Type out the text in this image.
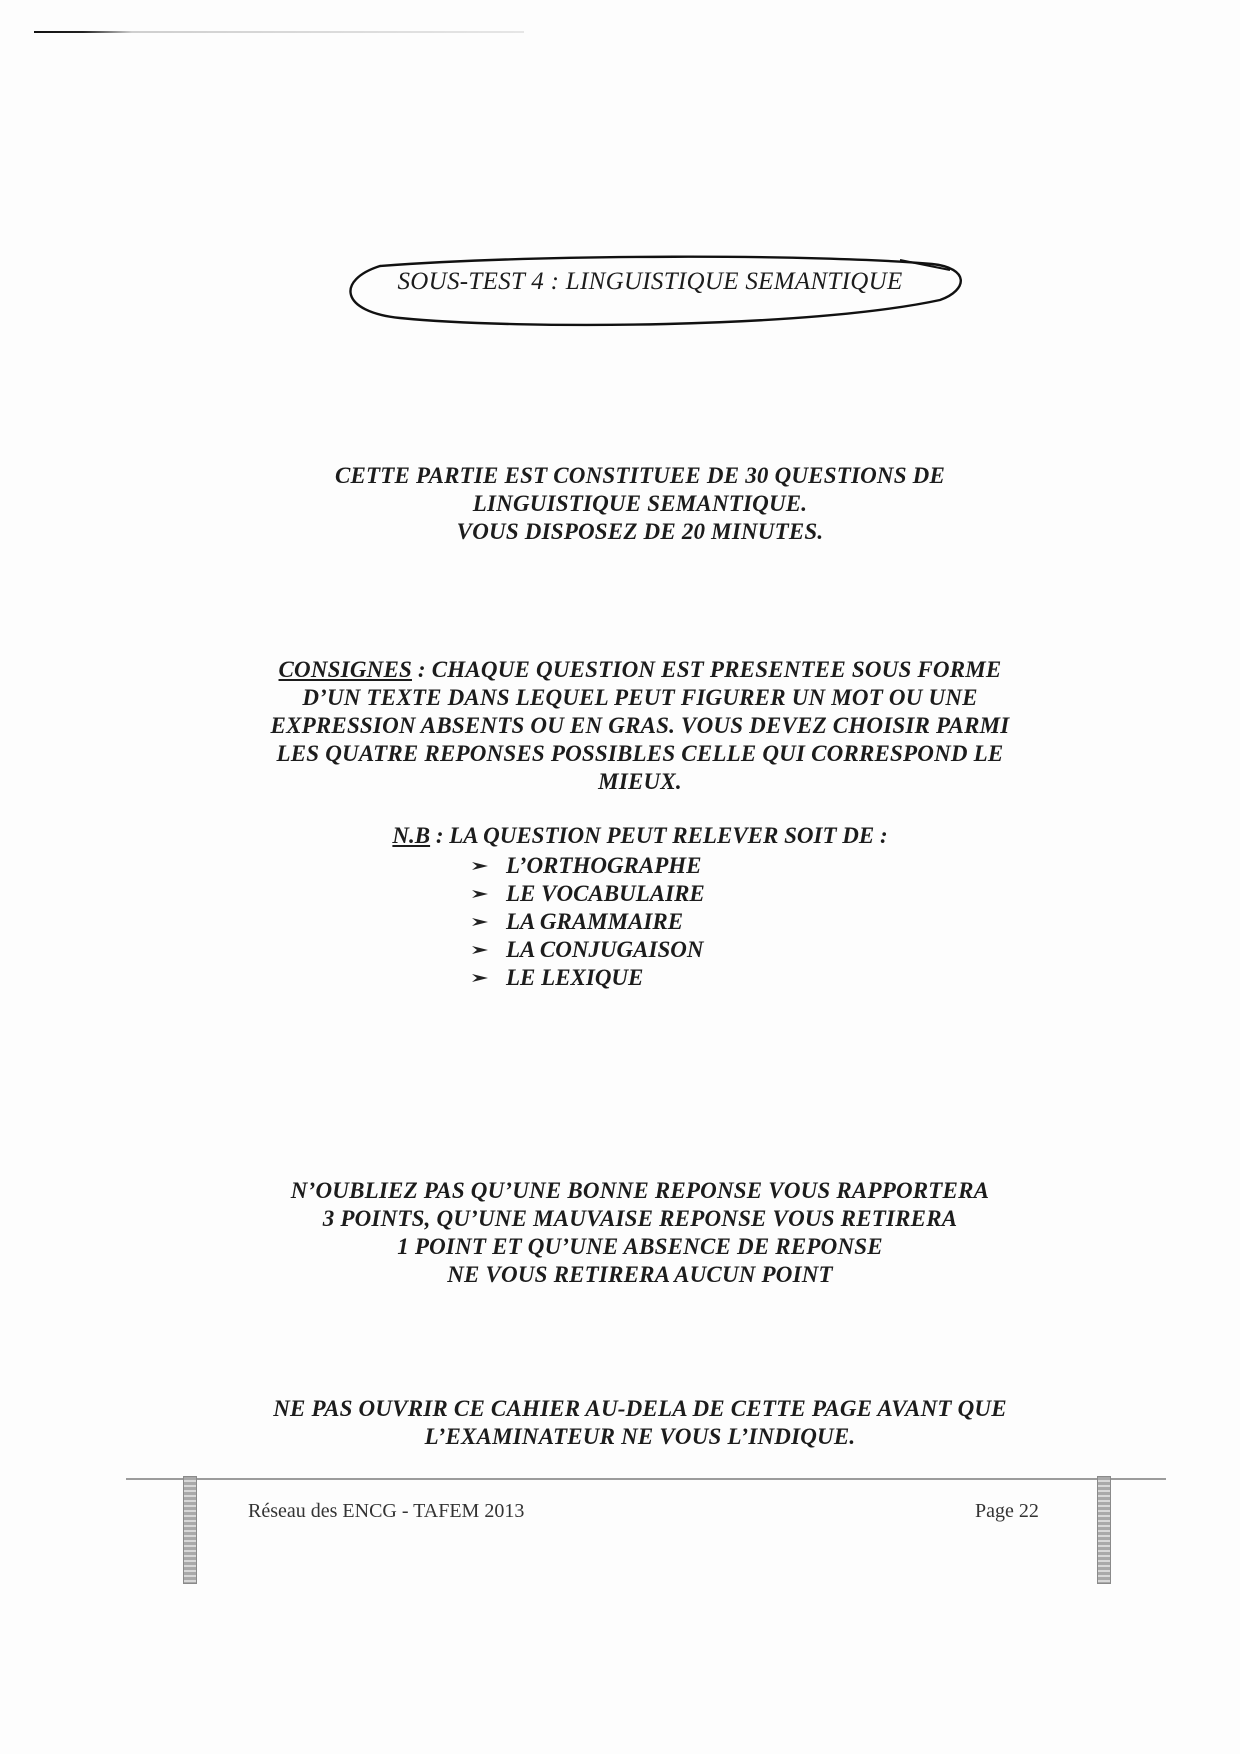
SOUS-TEST 4 : LINGUISTIQUE SEMANTIQUE

CETTE PARTIE EST CONSTITUEE DE 30 QUESTIONS DE

LINGUISTIQUE SEMANTIQUE.

VOUS DISPOSEZ DE 20 MINUTES.

CONSIGNES : CHAQUE QUESTION EST PRESENTEE SOUS FORME

D’UN TEXTE DANS LEQUEL PEUT FIGURER UN MOT OU UNE

EXPRESSION ABSENTS OU EN GRAS. VOUS DEVEZ CHOISIR PARMI

LES QUATRE REPONSES POSSIBLES CELLE QUI CORRESPOND LE

MIEUX.

N.B : LA QUESTION PEUT RELEVER SOIT DE :
L’ORTHOGRAPHE
LE VOCABULAIRE
LA GRAMMAIRE
LA CONJUGAISON
LE LEXIQUE

N’OUBLIEZ PAS QU’UNE BONNE REPONSE VOUS RAPPORTERA

3 POINTS, QU’UNE MAUVAISE REPONSE VOUS RETIRERA

1 POINT ET QU’UNE ABSENCE DE REPONSE

NE VOUS RETIRERA AUCUN POINT

NE PAS OUVRIR CE CAHIER AU-DELA DE CETTE PAGE AVANT QUE

L’EXAMINATEUR NE VOUS L’INDIQUE.

Réseau des ENCG - TAFEM 2013	Page 22
